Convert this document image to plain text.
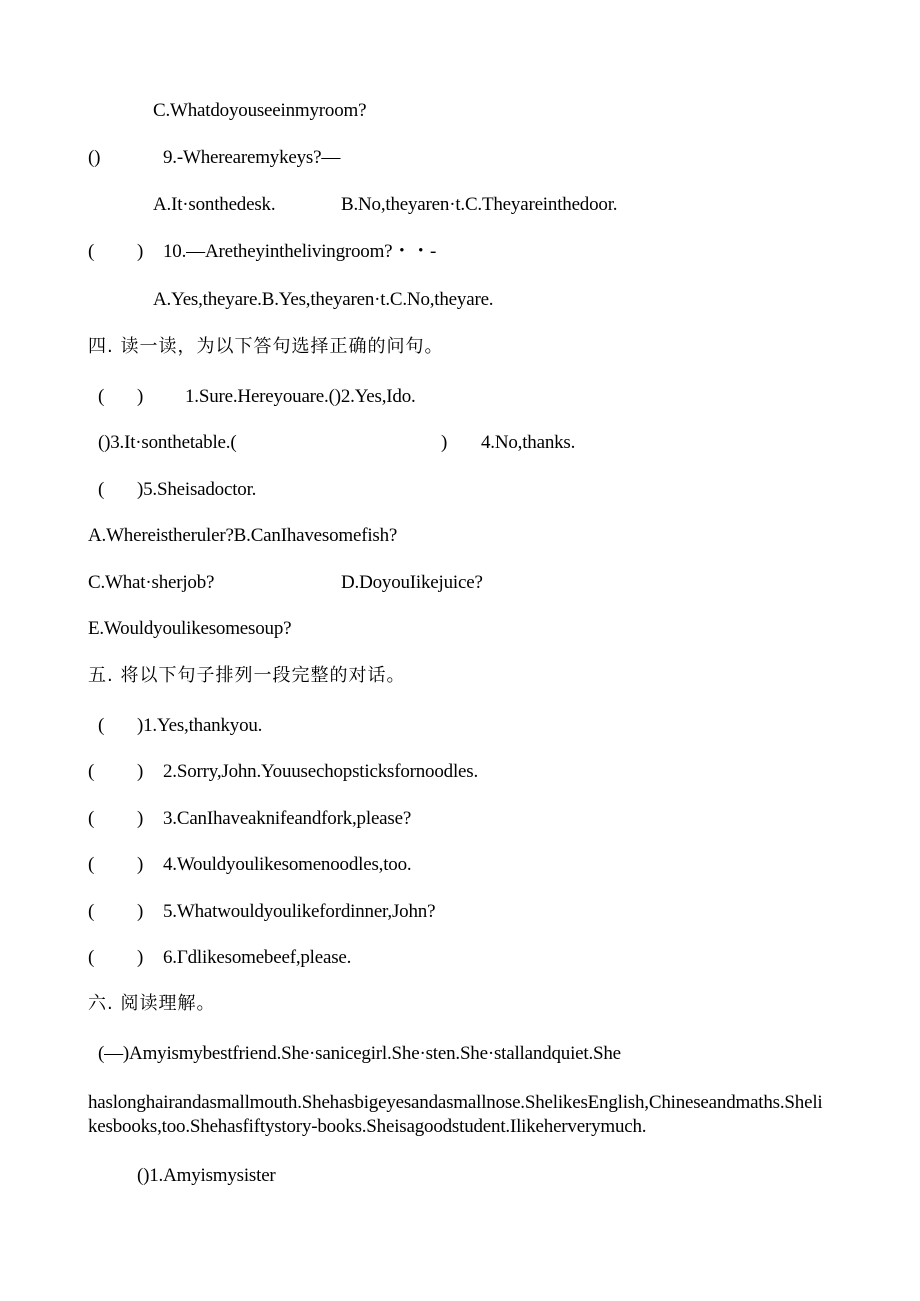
C.Whatdoyouseeinmyroom?
()	9.-Wherearemykeys?—
A.It·sonthedesk.	B.No,theyaren·t.C.Theyareinthedoor.
( ) 10.—Aretheyinthelivingroom?・・-
A.Yes,theyare.B.Yes,theyaren·t.C.No,theyare.
四. 读一读，为以下答句选择正确的问句。
( ) 1.Sure.Hereyouare.()2.Yes,Ido.
()3.It·sonthetable.(	) 4.No,thanks.
( )5.Sheisadoctor.
A.Whereistheruler?B.CanIhavesomefish?
C.What·sherjob?	D.DoyouIikejuice?
E.Wouldyoulikesomesoup?
五. 将以下句子排列一段完整的对话。
( )1.Yes,thankyou.
( ) 2.Sorry,John.Youusechopsticksfornoodles.
( ) 3.CanIhaveaknifeandfork,please?
( ) 4.Wouldyoulikesomenoodles,too.
( ) 5.Whatwouldyoulikefordinner,John?
( ) 6.Γdlikesomebeef,please.
六. 阅读理解。
(—)Amyismybestfriend.She·sanicegirl.She·sten.She·stallandquiet.She
haslonghairandasmallmouth.Shehasbigeyesandasmallnose.ShelikesEnglish,Chineseandmaths.Shelikesbooks,too.Shehasfiftystory-books.Sheisagoodstudent.Ilikeherverymuch.
()1.Amyismysister
